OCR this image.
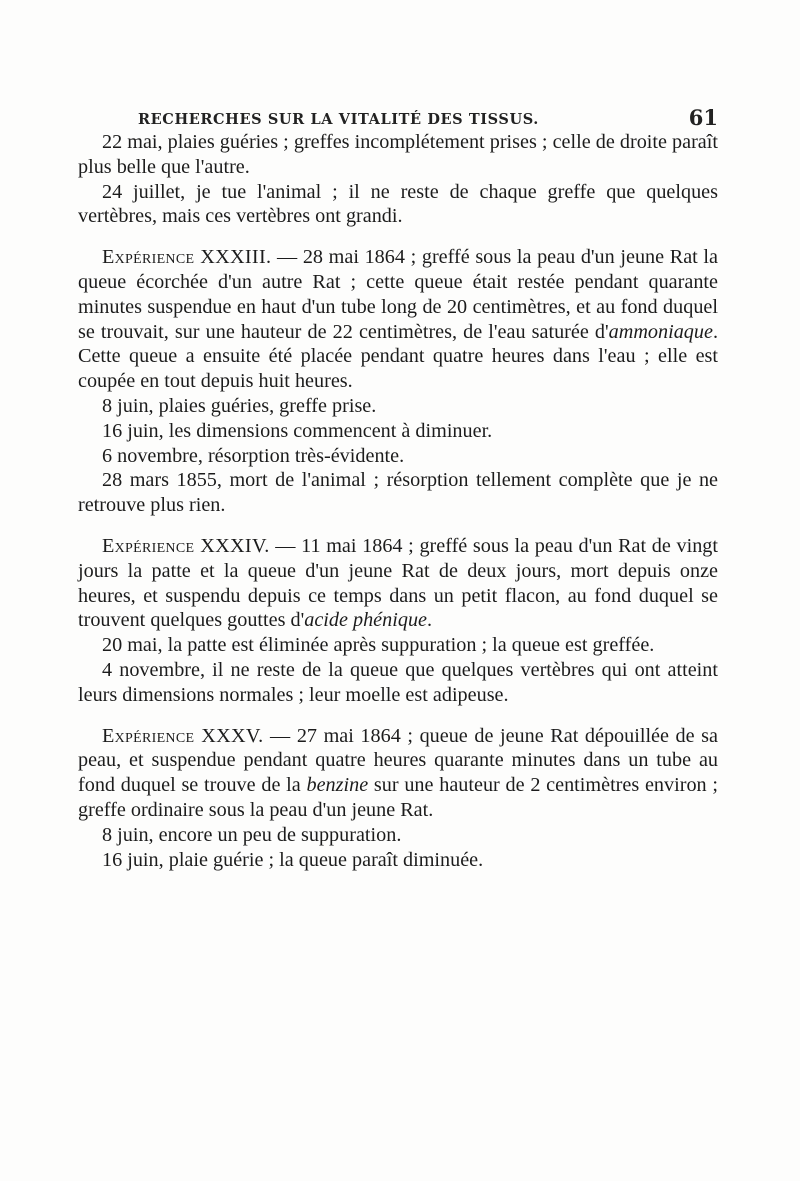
RECHERCHES SUR LA VITALITÉ DES TISSUS.	61

22 mai, plaies guéries ; greffes incomplétement prises ; celle de droite paraît plus belle que l'autre.

24 juillet, je tue l'animal ; il ne reste de chaque greffe que quelques vertèbres, mais ces vertèbres ont grandi.

Expérience XXXIII. — 28 mai 1864 ; greffé sous la peau d'un jeune Rat la queue écorchée d'un autre Rat ; cette queue était restée pendant quarante minutes suspendue en haut d'un tube long de 20 centimètres, et au fond duquel se trouvait, sur une hauteur de 22 centimètres, de l'eau saturée d'ammoniaque. Cette queue a ensuite été placée pendant quatre heures dans l'eau ; elle est coupée en tout depuis huit heures.

8 juin, plaies guéries, greffe prise.

16 juin, les dimensions commencent à diminuer.

6 novembre, résorption très-évidente.

28 mars 1855, mort de l'animal ; résorption tellement complète que je ne retrouve plus rien.

Expérience XXXIV. — 11 mai 1864 ; greffé sous la peau d'un Rat de vingt jours la patte et la queue d'un jeune Rat de deux jours, mort depuis onze heures, et suspendu depuis ce temps dans un petit flacon, au fond duquel se trouvent quelques gouttes d'acide phénique.

20 mai, la patte est éliminée après suppuration ; la queue est greffée.

4 novembre, il ne reste de la queue que quelques vertèbres qui ont atteint leurs dimensions normales ; leur moelle est adipeuse.

Expérience XXXV. — 27 mai 1864 ; queue de jeune Rat dépouillée de sa peau, et suspendue pendant quatre heures quarante minutes dans un tube au fond duquel se trouve de la benzine sur une hauteur de 2 centimètres environ ; greffe ordinaire sous la peau d'un jeune Rat.

8 juin, encore un peu de suppuration.

16 juin, plaie guérie ; la queue paraît diminuée.
